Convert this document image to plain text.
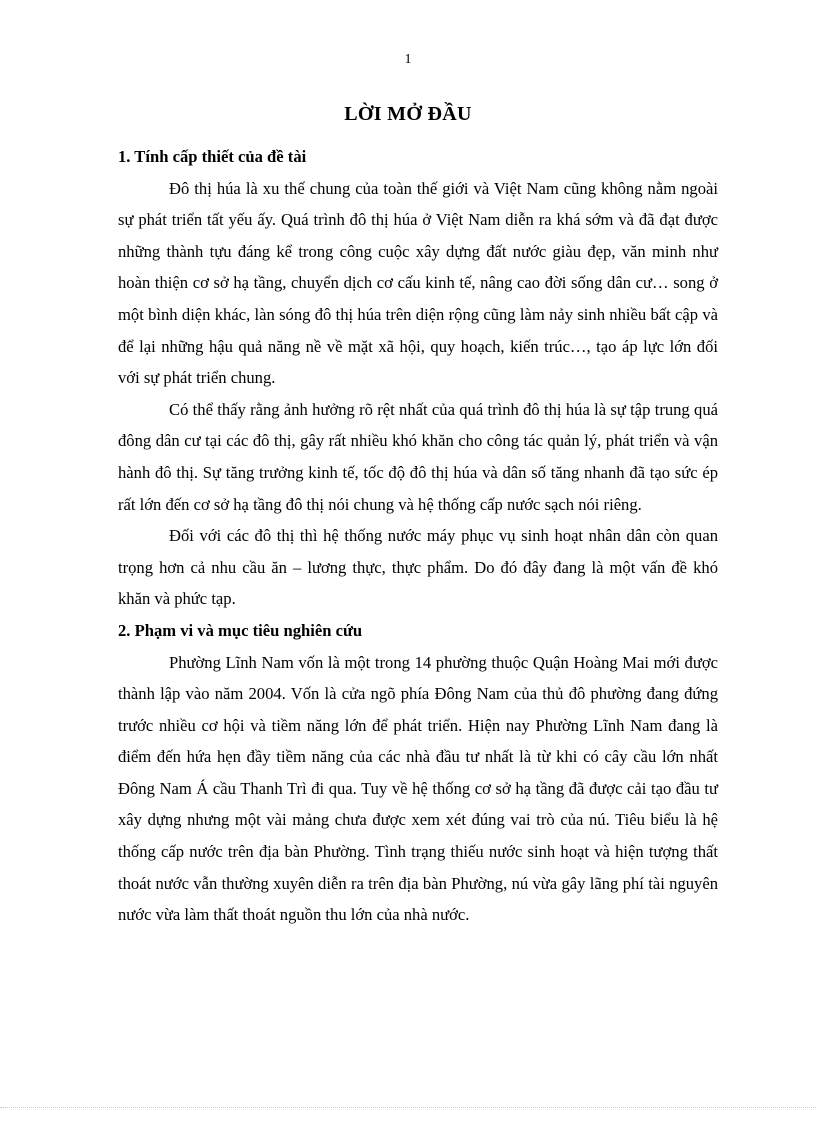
1
LỜI MỞ ĐẦU

1. Tính cấp thiết của đề tài

Đô thị húa là xu thế chung của toàn thế giới và Việt Nam cũng không nằm ngoài sự phát triển tất yếu ấy. Quá trình đô thị húa ở Việt Nam diễn ra khá sớm và đã đạt được những thành tựu đáng kể trong công cuộc xây dựng đất nước giàu đẹp, văn minh như hoàn thiện cơ sở hạ tầng, chuyển dịch cơ cấu kinh tế, nâng cao đời sống dân cư… song ở một bình diện khác, làn sóng đô thị húa trên diện rộng cũng làm nảy sinh nhiều bất cập và để lại những hậu quả năng nề về mặt xã hội, quy hoạch, kiến trúc…, tạo áp lực lớn đối với sự phát triển chung.

Có thể thấy rằng ảnh hưởng rõ rệt nhất của quá trình đô thị húa là sự tập trung quá đông dân cư tại các đô thị, gây rất nhiều khó khăn cho công tác quản lý, phát triển và vận hành đô thị. Sự tăng trưởng kinh tế, tốc độ đô thị húa và dân số tăng nhanh đã tạo sức ép rất lớn đến cơ sở hạ tầng đô thị nói chung và hệ thống cấp nước sạch nói riêng.

Đối với các đô thị thì hệ thống nước máy phục vụ sinh hoạt nhân dân còn quan trọng hơn cả nhu cầu ăn – lương thực, thực phẩm. Do đó đây đang là một vấn đề khó khăn và phức tạp.

2. Phạm vi và mục tiêu nghiên cứu

Phường Lĩnh Nam vốn là một trong 14 phường thuộc Quận Hoàng Mai mới được thành lập vào năm 2004. Vốn là cửa ngõ phía Đông Nam của thủ đô phường đang đứng trước nhiều cơ hội và tiềm năng lớn để phát triển. Hiện nay Phường Lĩnh Nam đang là điểm đến hứa hẹn đầy tiềm năng của các nhà đầu tư nhất là từ khi có cây cầu lớn nhất Đông Nam Á cầu Thanh Trì đi qua. Tuy về hệ thống cơ sở hạ tầng đã được cải tạo đầu tư xây dựng nhưng một vài mảng chưa được xem xét đúng vai trò của nú. Tiêu biểu là hệ thống cấp nước trên địa bàn Phường. Tình trạng thiếu nước sinh hoạt và hiện tượng thất thoát nước vẫn thường xuyên diễn ra trên địa bàn Phường, nú vừa gây lãng phí tài nguyên nước vừa làm thất thoát nguồn thu lớn của nhà nước.
